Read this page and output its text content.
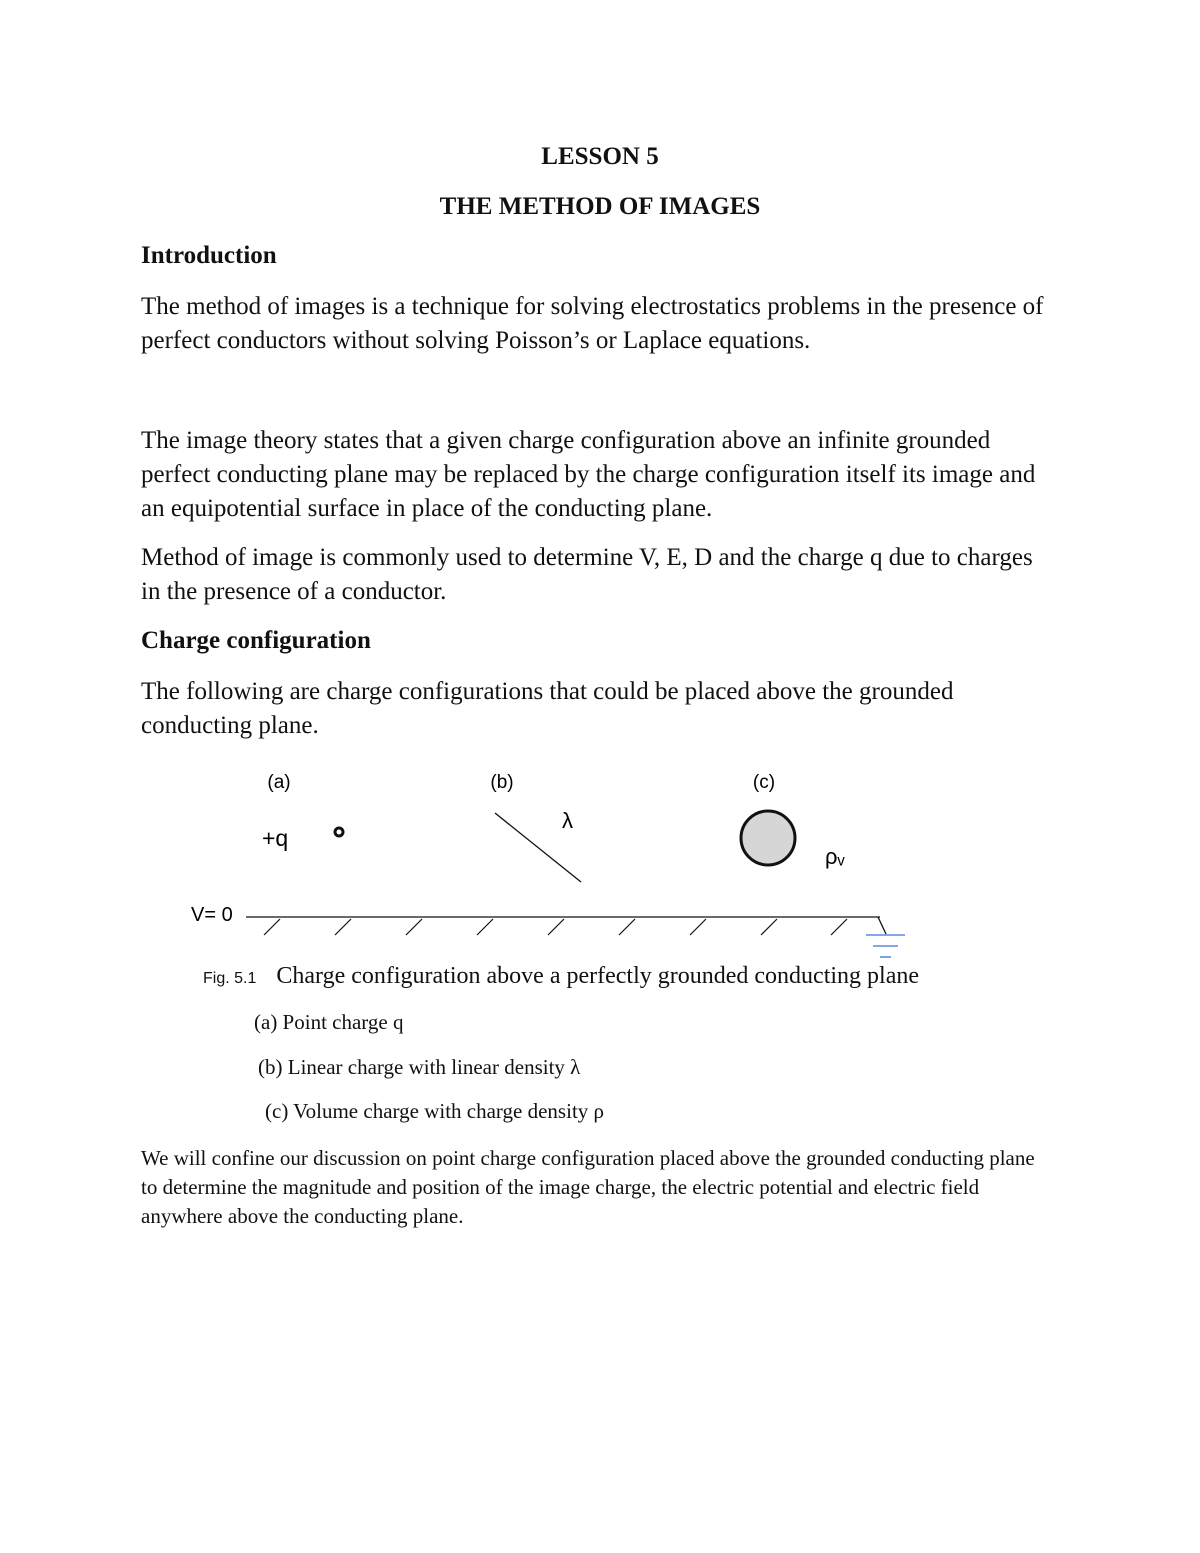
LESSON 5
THE METHOD OF IMAGES
Introduction
The method of images is a technique for solving electrostatics problems in the presence of perfect conductors without solving Poisson’s or Laplace equations.
The image theory states that a given charge configuration above an infinite grounded perfect conducting plane may be replaced by the charge configuration itself its image and an equipotential surface in place of the conducting plane.
Method of image is commonly used to determine V, E, D and the charge q due to charges in the presence of a conductor.
Charge configuration
The following are charge configurations that could be placed above the grounded conducting plane.
(a)	(b)	(c)
+q
λ
ρᵥ
V= 0
Fig. 5.1 Charge configuration above a perfectly grounded conducting plane
(a) Point charge q
(b) Linear charge with linear density λ
(c) Volume charge with charge density ρ
We will confine our discussion on point charge configuration placed above the grounded conducting plane to determine the magnitude and position of the image charge, the electric potential and electric field anywhere above the conducting plane.
